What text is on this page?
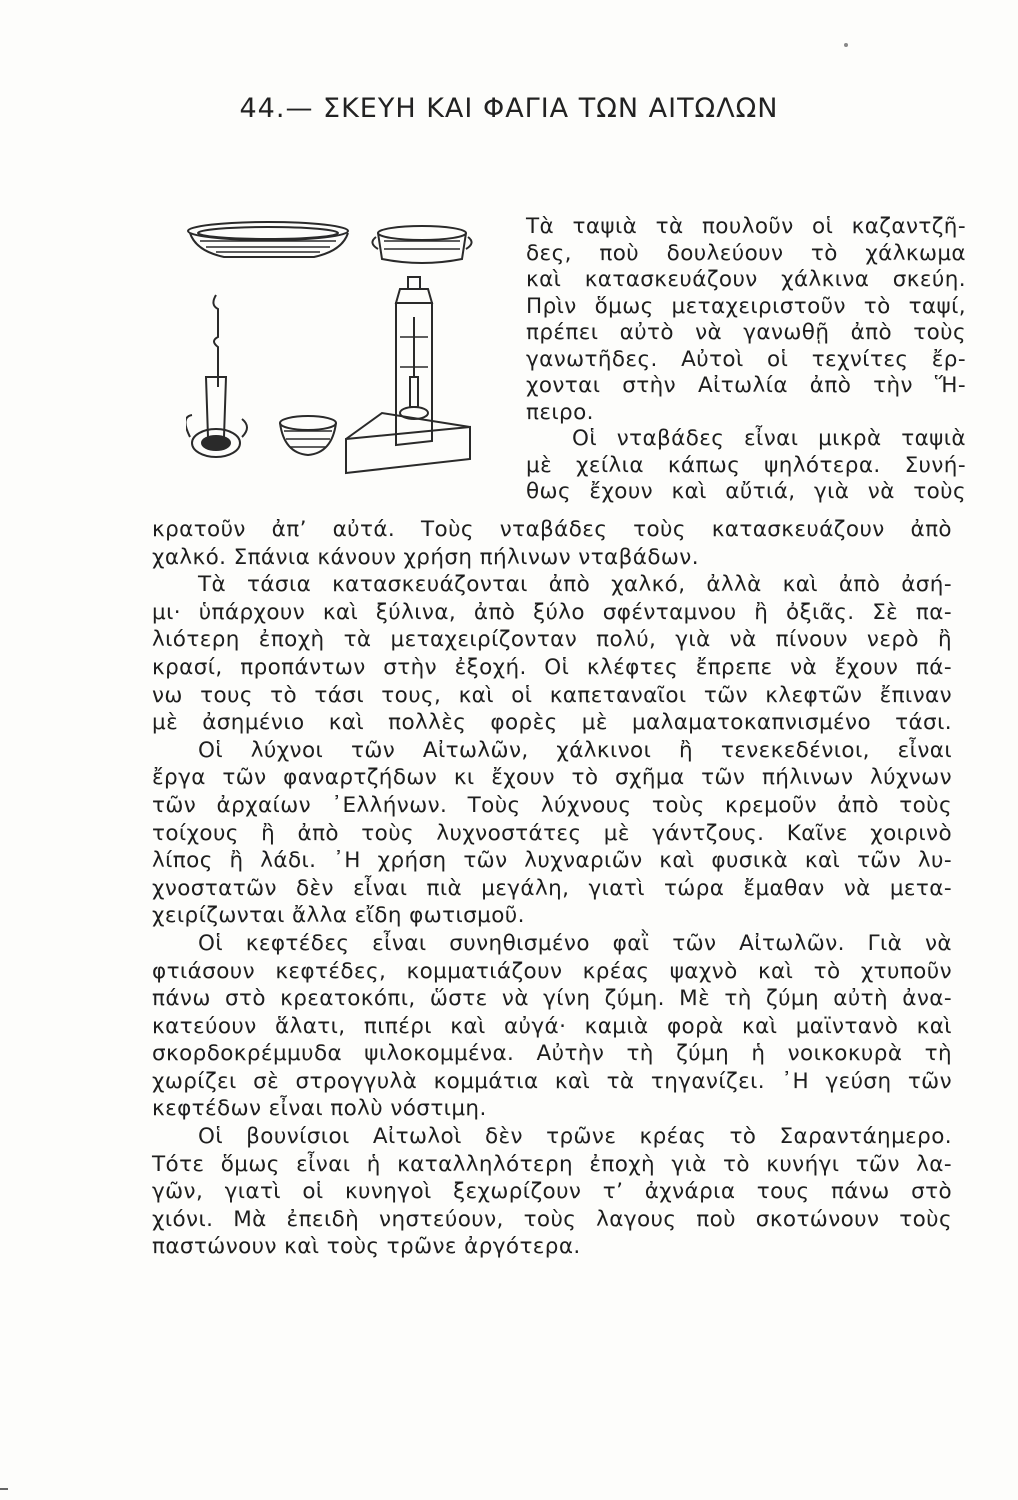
44.— ΣΚΕΥΗ ΚΑΙ ΦΑΓΙΑ ΤΩΝ ΑΙΤΩΛΩΝ
Τὰ ταψιὰ τὰ πουλοῦν οἱ καζαντζῆ-
δες, ποὺ δουλεύουν τὸ χάλκωμα
καὶ κατασκευάζουν χάλκινα σκεύη.
Πρὶν ὅμως μεταχειριστοῦν τὸ ταψί,
πρέπει αὐτὸ νὰ γανωθῇ ἀπὸ τοὺς
γανωτῆδες. Αὐτοὶ οἱ τεχνίτες ἔρ-
χονται στὴν Αἰτωλία ἀπὸ τὴν Ἥ-
πειρο.
Οἱ νταβάδες εἶναι μικρὰ ταψιὰ
μὲ χείλια κάπως ψηλότερα. Συνή-
θως ἔχουν καὶ αὔτιά, γιὰ νὰ τοὺς
κρατοῦν ἀπ’ αὐτά. Τοὺς νταβάδες τοὺς κατασκευάζουν ἀπὸ
χαλκό. Σπάνια κάνουν χρήση πήλινων νταβάδων.
Τὰ τάσια κατασκευάζονται ἀπὸ χαλκό, ἀλλὰ καὶ ἀπὸ ἀσή-
μι· ὑπάρχουν καὶ ξύλινα, ἀπὸ ξύλο σφένταμνου ἢ ὀξιᾶς. Σὲ πα-
λιότερη ἐποχὴ τὰ μεταχειρίζονταν πολύ, γιὰ νὰ πίνουν νερὸ ἢ
κρασί, προπάντων στὴν ἐξοχή. Οἱ κλέφτες ἔπρεπε νὰ ἔχουν πά-
νω τους τὸ τάσι τους, καὶ οἱ καπεταναῖοι τῶν κλεφτῶν ἔπιναν
μὲ ἀσημένιο καὶ πολλὲς φορὲς μὲ μαλαματοκαπνισμένο τάσι.
Οἱ λύχνοι τῶν Αἰτωλῶν, χάλκινοι ἢ τενεκεδένιοι, εἶναι
ἔργα τῶν φαναρτζήδων κι ἔχουν τὸ σχῆμα τῶν πήλινων λύχνων
τῶν ἀρχαίων ᾿Ελλήνων. Τοὺς λύχνους τοὺς κρεμοῦν ἀπὸ τοὺς
τοίχους ἢ ἀπὸ τοὺς λυχνοστάτες μὲ γάντζους. Καῖνε χοιρινὸ
λίπος ἢ λάδι. ᾿Η χρήση τῶν λυχναριῶν καὶ φυσικὰ καὶ τῶν λυ-
χνοστατῶν δὲν εἶναι πιὰ μεγάλη, γιατὶ τώρα ἔμαθαν νὰ μετα-
χειρίζωνται ἄλλα εἴδη φωτισμοῦ.
Οἱ κεφτέδες εἶναι συνηθισμένο φαῒ τῶν Αἰτωλῶν. Γιὰ νὰ
φτιάσουν κεφτέδες, κομματιάζουν κρέας ψαχνὸ καὶ τὸ χτυποῦν
πάνω στὸ κρεατοκόπι, ὥστε νὰ γίνη ζύμη. Μὲ τὴ ζύμη αὐτὴ ἀνα-
κατεύουν ἅλατι, πιπέρι καὶ αὐγά· καμιὰ φορὰ καὶ μαϊντανὸ καὶ
σκορδοκρέμμυδα ψιλοκομμένα. Αὐτὴν τὴ ζύμη ἡ νοικοκυρὰ τὴ
χωρίζει σὲ στρογγυλὰ κομμάτια καὶ τὰ τηγανίζει. ᾿Η γεύση τῶν
κεφτέδων εἶναι πολὺ νόστιμη.
Οἱ βουνίσιοι Αἰτωλοὶ δὲν τρῶνε κρέας τὸ Σαραντάημερο.
Τότε ὅμως εἶναι ἡ καταλληλότερη ἐποχὴ γιὰ τὸ κυνήγι τῶν λα-
γῶν, γιατὶ οἱ κυνηγοὶ ξεχωρίζουν τ’ ἀχνάρια τους πάνω στὸ
χιόνι. Μὰ ἐπειδὴ νηστεύουν, τοὺς λαγους ποὺ σκοτώνουν τοὺς
παστώνουν καὶ τοὺς τρῶνε ἀργότερα.
